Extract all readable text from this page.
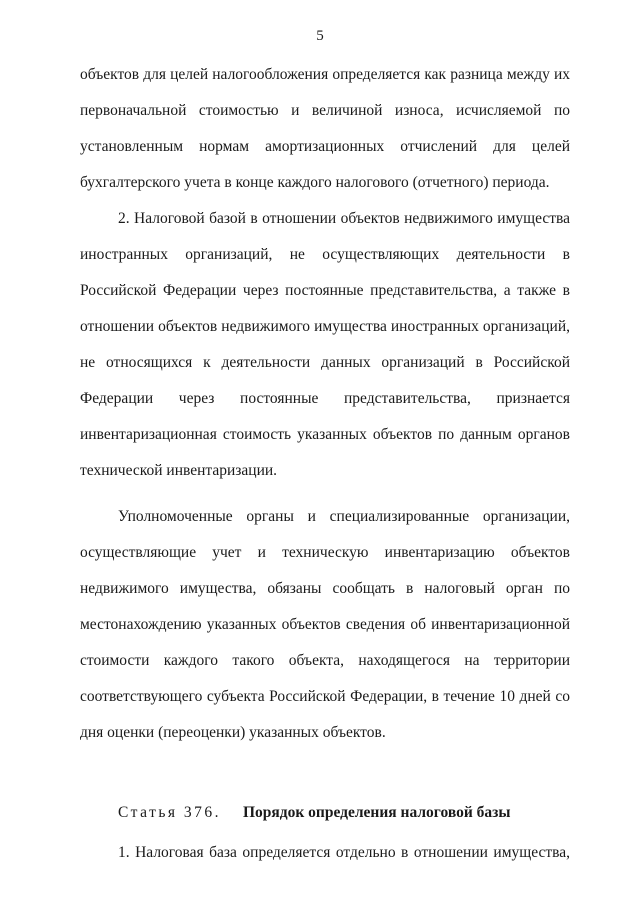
5
объектов для целей налогообложения определяется как разница между их
первоначальной стоимостью и величиной износа, исчисляемой по
установленным нормам амортизационных отчислений для целей
бухгалтерского учета в конце каждого налогового (отчетного) периода.
2. Налоговой базой в отношении объектов недвижимого имущества
иностранных организаций, не осуществляющих деятельности в
Российской Федерации через постоянные представительства, а также в
отношении объектов недвижимого имущества иностранных организаций,
не относящихся к деятельности данных организаций в Российской
Федерации через постоянные представительства, признается
инвентаризационная стоимость указанных объектов по данным органов
технической инвентаризации.
Уполномоченные органы и специализированные организации,
осуществляющие учет и техническую инвентаризацию объектов
недвижимого имущества, обязаны сообщать в налоговый орган по
местонахождению указанных объектов сведения об инвентаризационной
стоимости каждого такого объекта, находящегося на территории
соответствующего субъекта Российской Федерации, в течение 10 дней со
дня оценки (переоценки) указанных объектов.
Статья 376. Порядок определения налоговой базы
1. Налоговая база определяется отдельно в отношении имущества,
